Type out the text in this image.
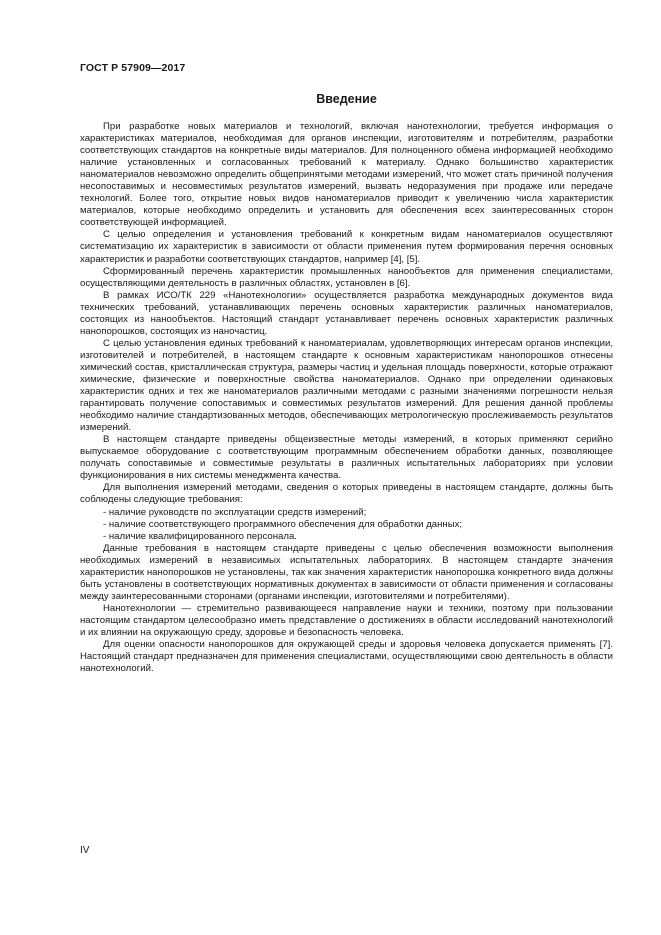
ГОСТ Р 57909—2017
Введение

При разработке новых материалов и технологий, включая нанотехнологии, требуется информация о характеристиках материалов, необходимая для органов инспекции, изготовителям и потребителям, разработки соответствующих стандартов на конкретные виды материалов. Для полноценного обмена информацией необходимо наличие установленных и согласованных требований к материалу. Однако большинство характеристик наноматериалов невозможно определить общепринятыми методами измерений, что может стать причиной получения несопоставимых и несовместимых результатов измерений, вызвать недоразумения при продаже или передаче технологий. Более того, открытие новых видов наноматериалов приводит к увеличению числа характеристик материалов, которые необходимо определить и установить для обеспечения всех заинтересованных сторон соответствующей информацией.

С целью определения и установления требований к конкретным видам наноматериалов осуществляют систематизацию их характеристик в зависимости от области применения путем формирования перечня основных характеристик и разработки соответствующих стандартов, например [4], [5].

Сформированный перечень характеристик промышленных нанообъектов для применения специалистами, осуществляющими деятельность в различных областях, установлен в [6].

В рамках ИСО/ТК 229 «Нанотехнологии» осуществляется разработка международных документов вида технических требований, устанавливающих перечень основных характеристик различных наноматериалов, состоящих из нанообъектов. Настоящий стандарт устанавливает перечень основных характеристик различных нанопорошков, состоящих из наночастиц.

С целью установления единых требований к наноматериалам, удовлетворяющих интересам органов инспекции, изготовителей и потребителей, в настоящем стандарте к основным характеристикам нанопорошков отнесены химический состав, кристаллическая структура, размеры частиц и удельная площадь поверхности, которые отражают химические, физические и поверхностные свойства наноматериалов. Однако при определении одинаковых характеристик одних и тех же наноматериалов различными методами с разными значениями погрешности нельзя гарантировать получение сопоставимых и совместимых результатов измерений. Для решения данной проблемы необходимо наличие стандартизованных методов, обеспечивающих метрологическую прослеживаемость результатов измерений.

В настоящем стандарте приведены общеизвестные методы измерений, в которых применяют серийно выпускаемое оборудование с соответствующим программным обеспечением обработки данных, позволяющее получать сопоставимые и совместимые результаты в различных испытательных лабораториях при условии функционирования в них системы менеджмента качества.

Для выполнения измерений методами, сведения о которых приведены в настоящем стандарте, должны быть соблюдены следующие требования:

- наличие руководств по эксплуатации средств измерений;

- наличие соответствующего программного обеспечения для обработки данных;

- наличие квалифицированного персонала.

Данные требования в настоящем стандарте приведены с целью обеспечения возможности выполнения необходимых измерений в независимых испытательных лабораториях. В настоящем стандарте значения характеристик нанопорошков не установлены, так как значения характеристик нанопорошка конкретного вида должны быть установлены в соответствующих нормативных документах в зависимости от области применения и согласованы между заинтересованными сторонами (органами инспекции, изготовителями и потребителями).

Нанотехнологии — стремительно развивающееся направление науки и техники, поэтому при пользовании настоящим стандартом целесообразно иметь представление о достижениях в области исследований нанотехнологий и их влиянии на окружающую среду, здоровье и безопасность человека.

Для оценки опасности нанопорошков для окружающей среды и здоровья человека допускается применять [7]. Настоящий стандарт предназначен для применения специалистами, осуществляющими свою деятельность в области нанотехнологий.

IV
